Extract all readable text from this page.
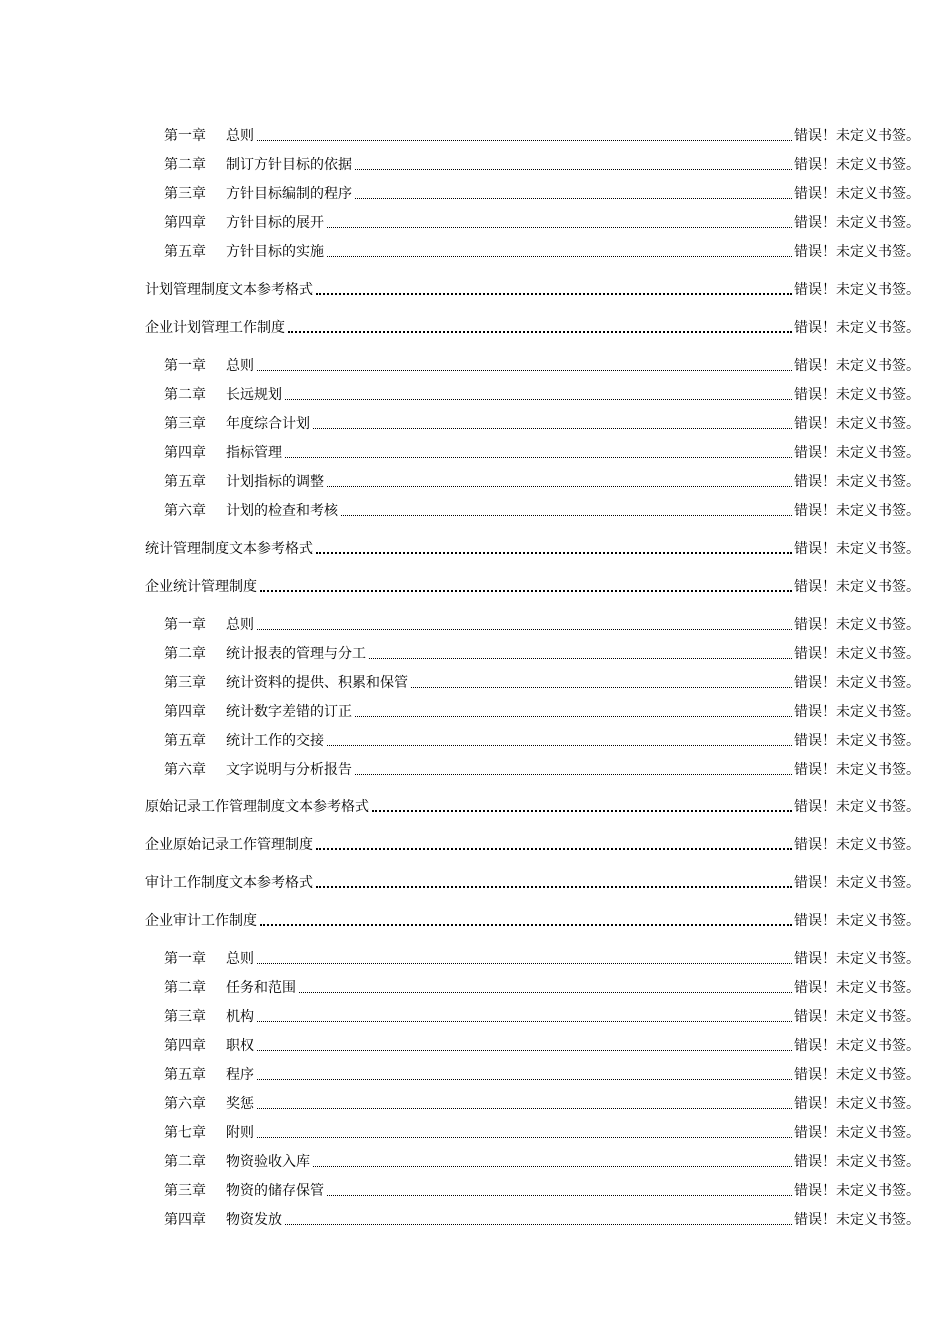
第一章 总则	错误！未定义书签。
第二章 制订方针目标的依据	错误！未定义书签。
第三章 方针目标编制的程序	错误！未定义书签。
第四章 方针目标的展开	错误！未定义书签。
第五章 方针目标的实施	错误！未定义书签。
计划管理制度文本参考格式	错误！未定义书签。
企业计划管理工作制度	错误！未定义书签。
第一章 总则	错误！未定义书签。
第二章 长远规划	错误！未定义书签。
第三章 年度综合计划	错误！未定义书签。
第四章 指标管理	错误！未定义书签。
第五章 计划指标的调整	错误！未定义书签。
第六章 计划的检查和考核	错误！未定义书签。
统计管理制度文本参考格式	错误！未定义书签。
企业统计管理制度	错误！未定义书签。
第一章 总则	错误！未定义书签。
第二章 统计报表的管理与分工	错误！未定义书签。
第三章 统计资料的提供、积累和保管	错误！未定义书签。
第四章 统计数字差错的订正	错误！未定义书签。
第五章 统计工作的交接	错误！未定义书签。
第六章 文字说明与分析报告	错误！未定义书签。
原始记录工作管理制度文本参考格式	错误！未定义书签。
企业原始记录工作管理制度	错误！未定义书签。
审计工作制度文本参考格式	错误！未定义书签。
企业审计工作制度	错误！未定义书签。
第一章 总则	错误！未定义书签。
第二章 任务和范围	错误！未定义书签。
第三章 机构	错误！未定义书签。
第四章 职权	错误！未定义书签。
第五章 程序	错误！未定义书签。
第六章 奖惩	错误！未定义书签。
第七章 附则	错误！未定义书签。
第二章 物资验收入库	错误！未定义书签。
第三章 物资的储存保管	错误！未定义书签。
第四章 物资发放	错误！未定义书签。
